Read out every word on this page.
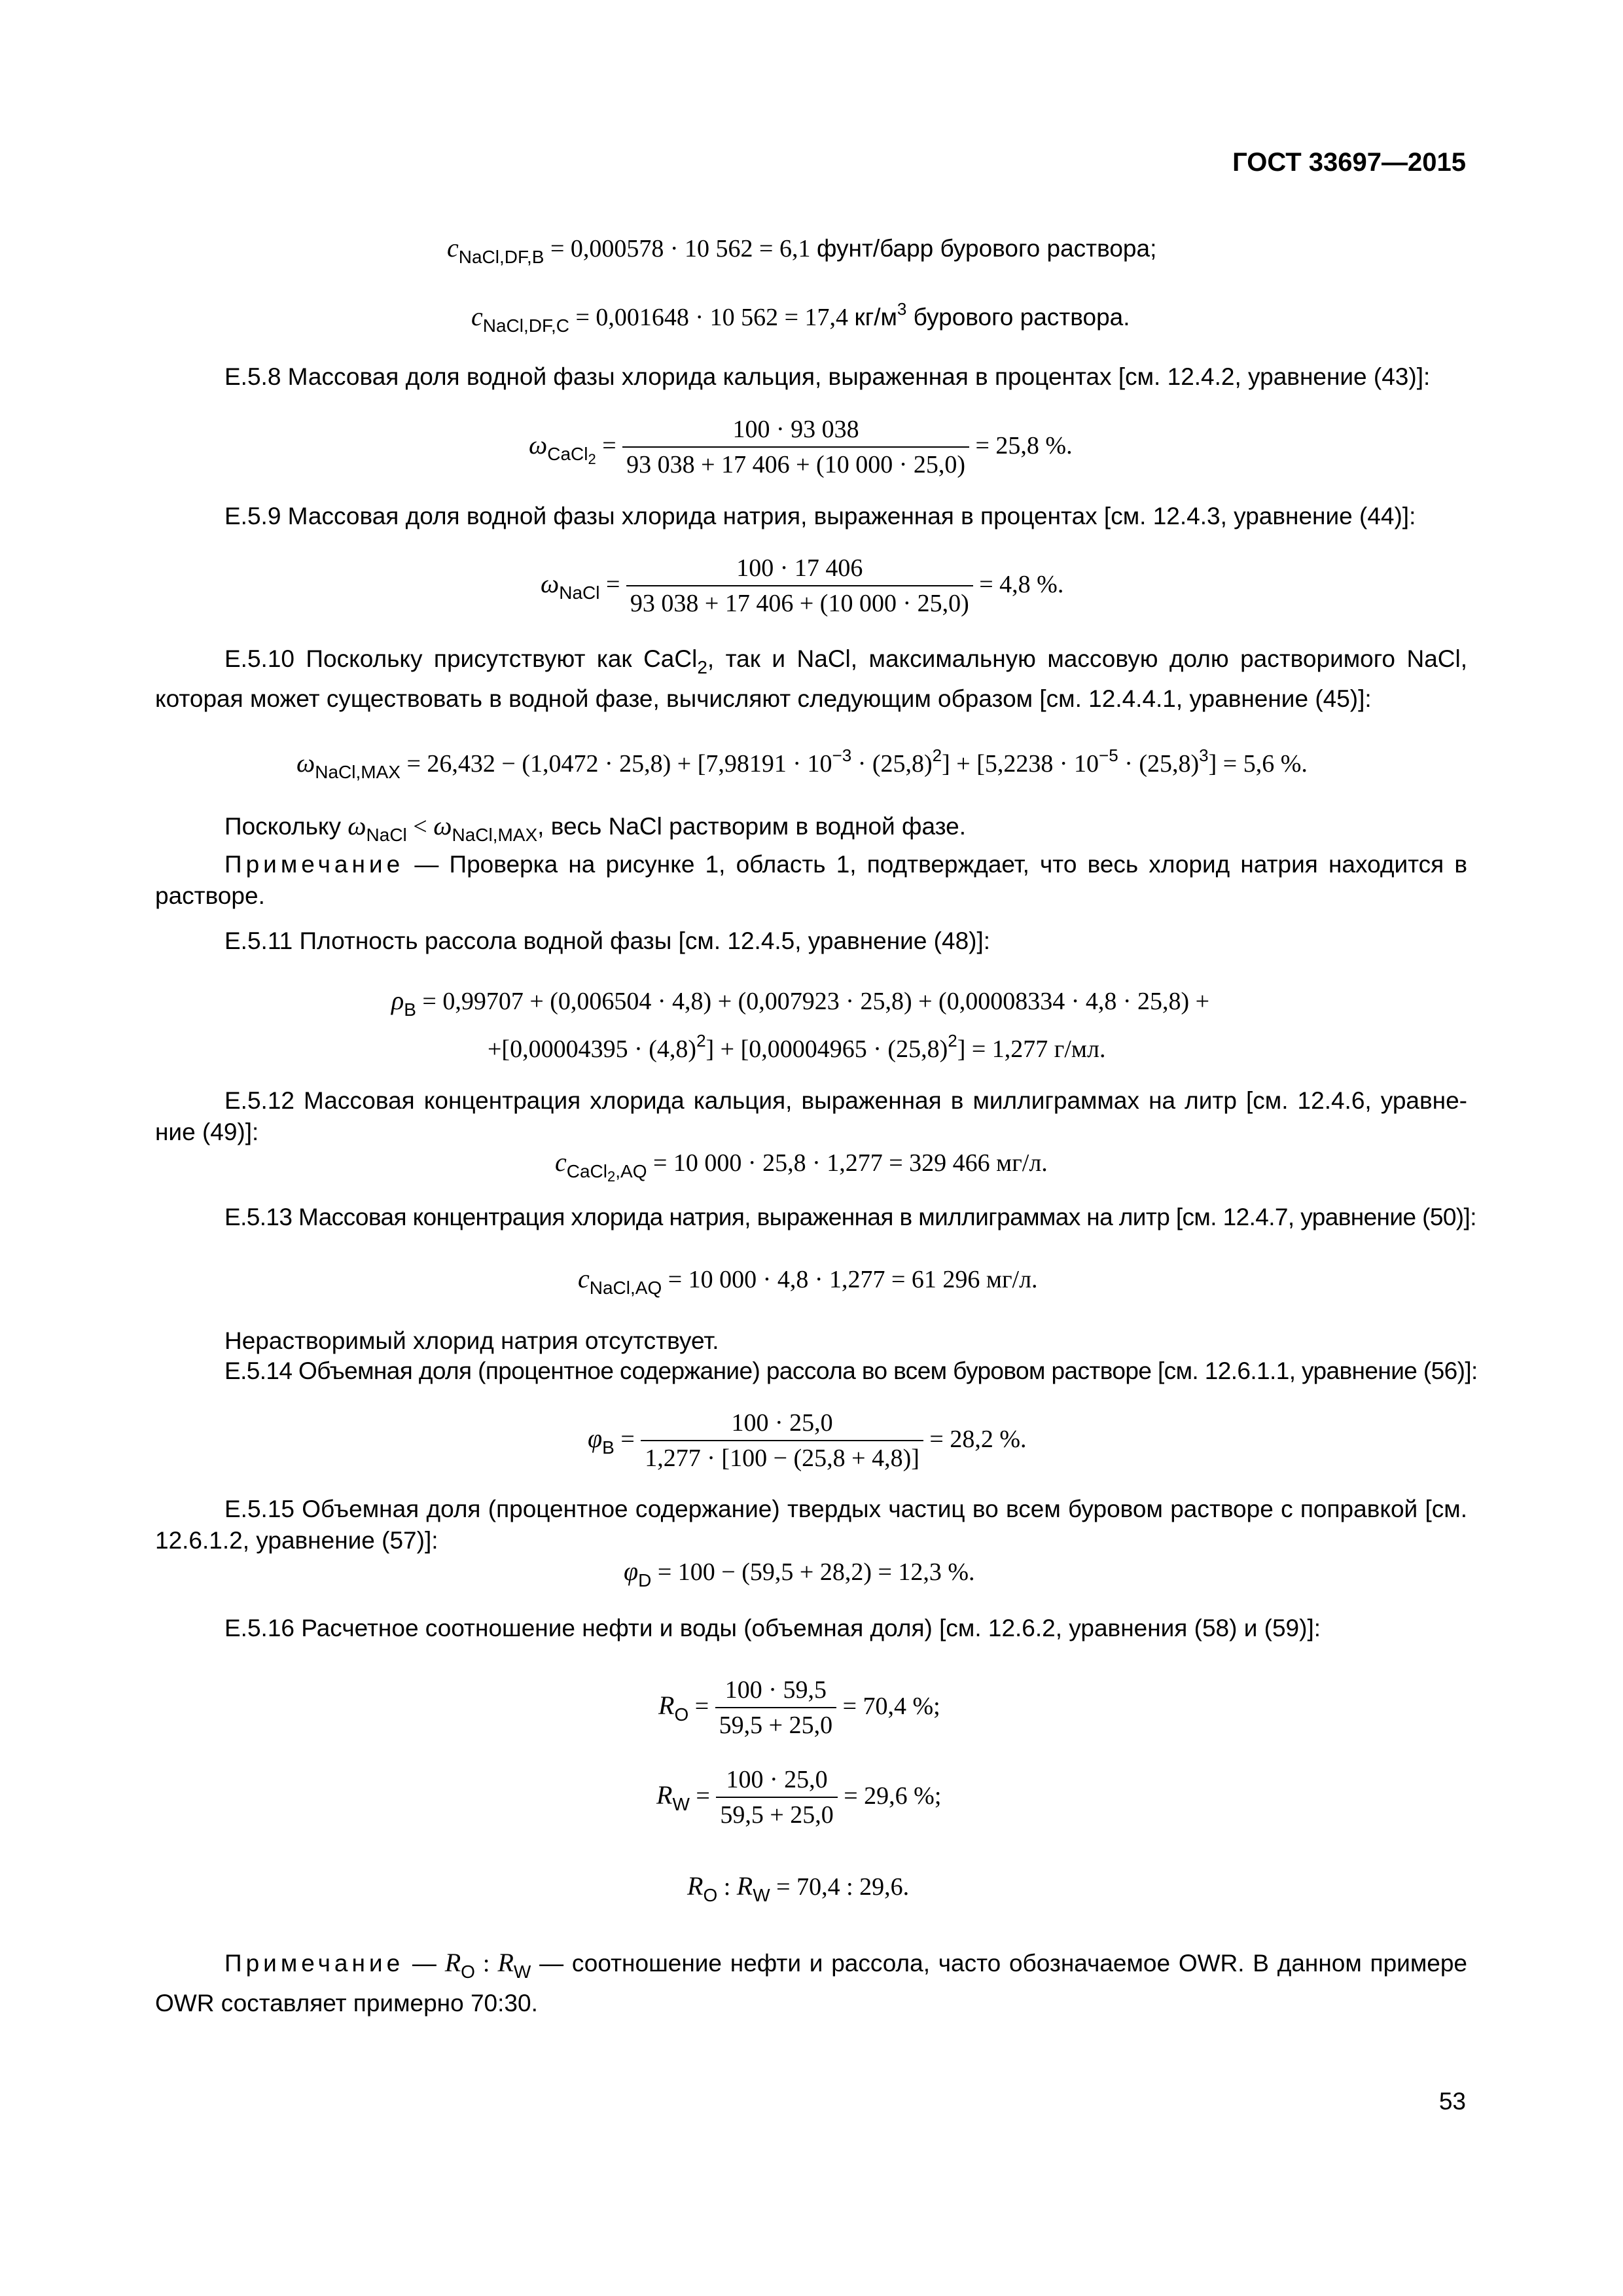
ГОСТ 33697—2015
$c_{NaCl,DF,B} = 0,000578 \cdot 10$ 562 = 6,1 фунт/барр бурового раствора;
$c_{NaCl,DF,C} = 0,001648 \cdot 10$ 562 = 17,4 $кг/м^3$ бурового раствора.
Е.5.8 Массовая доля водной фазы хлорида кальция, выраженная в процентах [см. 12.4.2, уравнение (43)]:
$\omega_{CaCl2} = \frac{100 \cdot 93 038}{93 038 + 17 406 + (10 000 \cdot 25,0)} = 25,8$ %.
Е.5.9 Массовая доля водной фазы хлорида натрия, выраженная в процентах [см. 12.4.3, уравнение (44)]:
$\omega_{NaCl} = \frac{100 \cdot 17 406}{93 038 + 17 406 + (10 000 \cdot 25,0)} = 4,8$ %.
Е.5.10 Поскольку присутствуют как CaCl$_2$, так и NaCl, максимальную массовую долю растворимого NaCl, которая может существовать в водной фазе, вычисляют следующим образом [см. 12.4.4.1, уравнение (45)]:
$\omega_{NaCl,MAX} = 26,432 - (1,0472 \cdot 25,8) + [7,98191 \cdot 10^{-3} \cdot (25,8)^2] + [5,2238 \cdot 10^{-5} \cdot (25,8)^3] = 5,6$ %.
Поскольку $\omega_{NaCl} < \omega_{NaCl,MAX}$, весь NaCl растворим в водной фазе.
Примечание — Проверка на рисунке 1, область 1, подтверждает, что весь хлорид натрия находится в растворе.
Е.5.11 Плотность рассола водной фазы [см. 12.4.5, уравнение (48)]:
$\rho_B = 0,99707 + (0,006504 \cdot 4,8) + (0,007923 \cdot 25,8) + (0,00008334 \cdot 4,8 \cdot 25,8)$ +
$+[0,00004395 \cdot (4,8)^2] + [0,00004965 \cdot (25,8)^2] = 1,277$ г/мл.
Е.5.12 Массовая концентрация хлорида кальция, выраженная в миллиграммах на литр [см. 12.4.6, уравне- ние (49)]:
$c_{CaCl2,AQ} = 10$ 000 · 25,8 · 1,277 = 329 466 мг/л.
Е.5.13 Массовая концентрация хлорида натрия, выраженная в миллиграммах на литр [см. 12.4.7, уравнение (50)]:
$c_{NaCl,AQ} = 10$ 000 · 4,8 · 1,277 = 61 296 мг/л.
Нерастворимый хлорид натрия отсутствует.
Е.5.14 Объемная доля (процентное содержание) рассола во всем буровом растворе [см. 12.6.1.1, уравнение (56)]:
$\varphi_B = \frac{100 \cdot 25,0}{1,277 \cdot [100 - (25,8 + 4,8)]} = 28,2$ %.
Е.5.15 Объемная доля (процентное содержание) твердых частиц во всем буровом растворе с поправкой [см. 12.6.1.2, уравнение (57)]:
$\varphi_D = 100 - (59,5 + 28,2) = 12,3$ %.
Е.5.16 Расчетное соотношение нефти и воды (объемная доля) [см. 12.6.2, уравнения (58) и (59)]:
$R_O = \frac{100 \cdot 59,5}{59,5 + 25,0} = 70,4$ %;
$R_W = \frac{100 \cdot 25,0}{59,5 + 25,0} = 29,6$ %;
$R_O$ : $R_W = 70,4$ : 29,6.
Примечание — $R_O$ : $R_W$ — соотношение нефти и рассола, часто обозначаемое OWR. В данном примере OWR составляет примерно 70:30.
53
